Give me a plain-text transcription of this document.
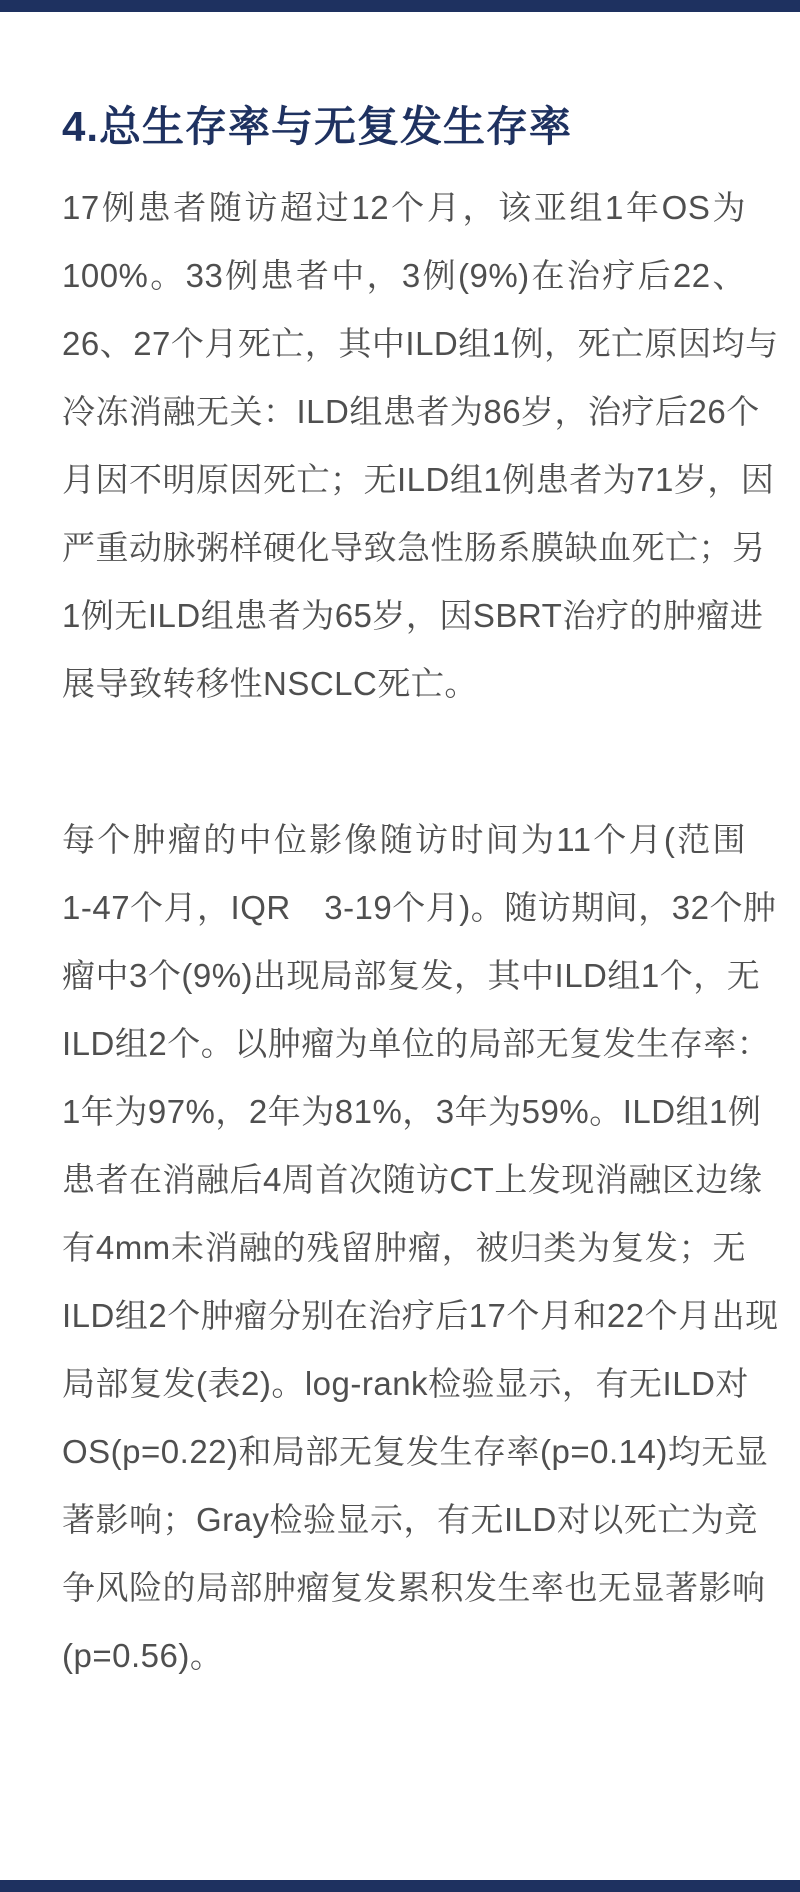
4.总生存率与无复发生存率
17例患者随访超过12个月，该亚组1年OS为
100%。33例患者中，3例(9%)在治疗后22、
26、27个月死亡，其中ILD组1例，死亡原因均与
冷冻消融无关：ILD组患者为86岁，治疗后26个
月因不明原因死亡；无ILD组1例患者为71岁，因
严重动脉粥样硬化导致急性肠系膜缺血死亡；另
1例无ILD组患者为65岁，因SBRT治疗的肿瘤进
展导致转移性NSCLC死亡。
每个肿瘤的中位影像随访时间为11个月(范围
1-47个月，IQR　3-19个月)。随访期间，32个肿
瘤中3个(9%)出现局部复发，其中ILD组1个，无
ILD组2个。以肿瘤为单位的局部无复发生存率：
1年为97%，2年为81%，3年为59%。ILD组1例
患者在消融后4周首次随访CT上发现消融区边缘
有4mm未消融的残留肿瘤，被归类为复发；无
ILD组2个肿瘤分别在治疗后17个月和22个月出现
局部复发(表2)。log-rank检验显示，有无ILD对
OS(p=0.22)和局部无复发生存率(p=0.14)均无显
著影响；Gray检验显示，有无ILD对以死亡为竞
争风险的局部肿瘤复发累积发生率也无显著影响
(p=0.56)。
